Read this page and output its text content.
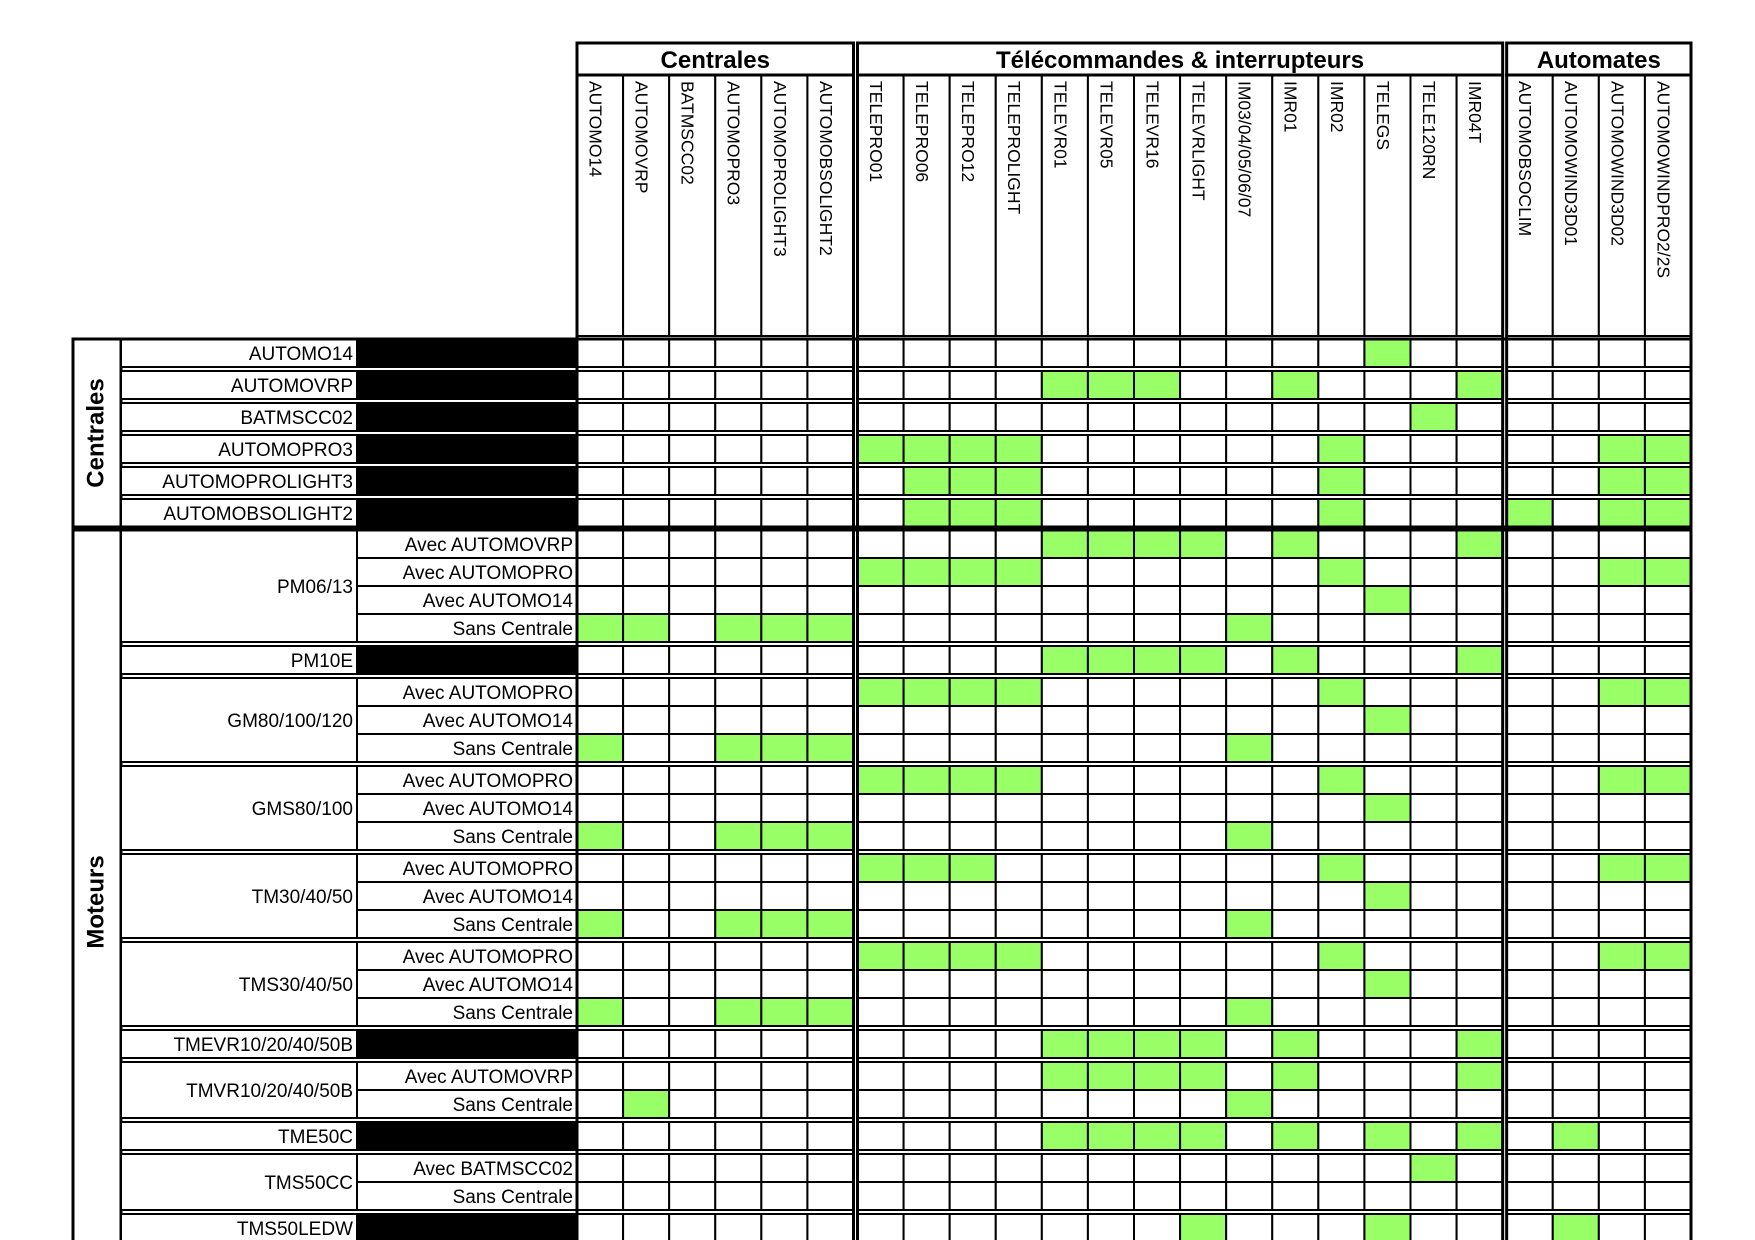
Centrales	Télécommandes & interrupteurs	Automates
AUTOMO14 AUTOMOVRP BATMSCC02 AUTOMOPRO3 AUTOMOPROLIGHT3 AUTOMOBSOLIGHT2 TELEPRO01 TELEPRO06 TELEPRO12 TELEPROLIGHT TELEVR01 TELEVR05 TELEVR16 TELEVRLIGHT IM03/04/05/06/07 IMR01 IMR02 TELEGS TELE120RN IMR04T AUTOMOBSOCLIM AUTOMOWIND3D01 AUTOMOWIND3D02 AUTOMOWINDPRO2/2S
Centrales
Moteurs
AUTOMO14
AUTOMOVRP
BATMSCC02
AUTOMOPRO3
AUTOMOPROLIGHT3
AUTOMOBSOLIGHT2
PM06/13
PM10E
GM80/100/120
GMS80/100
TM30/40/50
TMS30/40/50
TMEVR10/20/40/50B
TMVR10/20/40/50B
TME50C
TMS50CC
TMS50LEDW
Avec AUTOMOVRP
Avec AUTOMOPRO
Avec AUTOMO14
Sans Centrale
Avec AUTOMOPRO
Avec AUTOMO14
Sans Centrale
Avec AUTOMOPRO
Avec AUTOMO14
Sans Centrale
Avec AUTOMOPRO
Avec AUTOMO14
Sans Centrale
Avec AUTOMOPRO
Avec AUTOMO14
Sans Centrale
Avec AUTOMOVRP
Sans Centrale
Avec BATMSCC02
Sans Centrale
